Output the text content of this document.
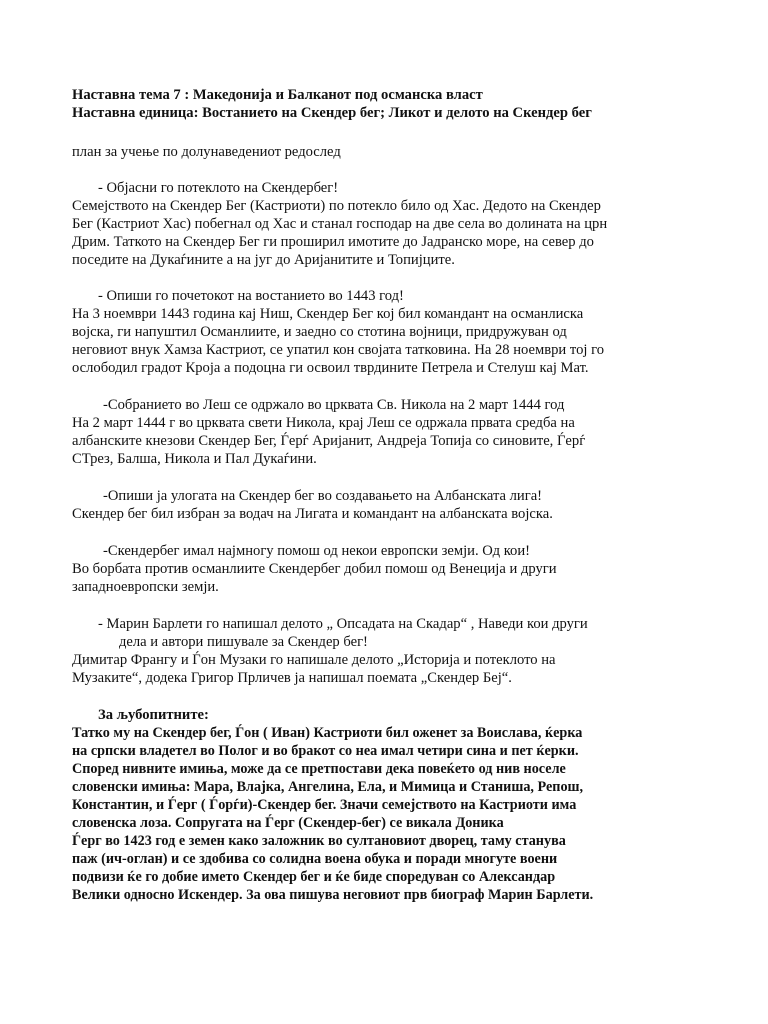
Наставна тема 7 : Македонија и Балканот под османска власт
Наставна единица: Востанието на Скендер бег; Ликот и делото на Скендер бег
план за учење по долунаведениот редослед
- Објасни го потеклото на Скендербег!
Семејството на Скендер Бег (Кастриоти) по потекло било од Хас. Дедото на Скендер
Бег (Кастриот Хас) побегнал од Хас и станал господар на две села во долината на црн
Дрим. Таткото на Скендер Бег ги проширил имотите до Јадранско море, на север до
поседите на Дукаѓините а на југ до Аријанитите и Топијците.
- Опиши го почетокот на востанието во 1443 год!
На 3 ноември 1443 година кај Ниш, Скендер Бег кој бил командант на османлиска
војска, ги напуштил Османлиите, и заедно со стотина војници, придружуван од
неговиот внук Хамза Кастриот, се упатил кон својата татковина. На 28 ноември тој го
ослободил градот Кроја а подоцна ги освоил тврдините Петрела и Стелуш кај Мат.
-Собранието во Леш се одржало во црквата Св. Никола на 2 март 1444 год
На 2 март 1444 г во црквата свети Никола, крај Леш се одржала првата средба на
албанските кнезови Скендер Бег, Ѓерѓ Аријанит, Андреја Топија со синовите, Ѓерѓ
СТрез, Балша, Никола и Пал Дукаѓини.
-Опиши ја улогата на Скендер бег во создавањето на Албанската лига!
Скендер бег бил избран за водач на Лигата и командант на албанската војска.
-Скендербег имал најмногу помош од некои европски земји. Од кои!
Во борбата против османлиите Скендербег добил помош од Венеција и други
западноевропски земји.
- Марин Барлети го напишал делото „ Опсадата на Скадар“ , Наведи кои други
дела и автори пишувале за Скендер бег!
Димитар Франгу и Ѓон Музаки го напишале делото „Историја и потеклото на
Музаките“, додека Григор Прличев ја напишал поемата „Скендер Беј“.
За љубопитните:
Татко му на Скендер бег, Ѓон ( Иван) Кастриоти бил оженет за Воислава, ќерка
на српски владетел во Полог и во бракот со неа имал четири сина и пет ќерки.
Според нивните имиња, може да се претпостави дека повеќето од нив носеле
словенски имиња: Мара, Влајка, Ангелина, Ела, и Мимица и Станиша, Репош,
Константин, и Ѓерг ( Ѓорѓи)-Скендер бег. Значи семејството на Кастриоти има
словенска лоза. Сопругата на Ѓерг (Скендер-бег) се викала Доника
Ѓерг во 1423 год е земен како заложник во султановиот дворец, таму станува
паж (ич-оглан) и се здобива со солидна воена обука и поради многуте воени
подвизи ќе го добие името Скендер бег и ќе биде споредуван со Александар
Велики односно Искендер. За ова пишува неговиот прв биограф Марин Барлети.
